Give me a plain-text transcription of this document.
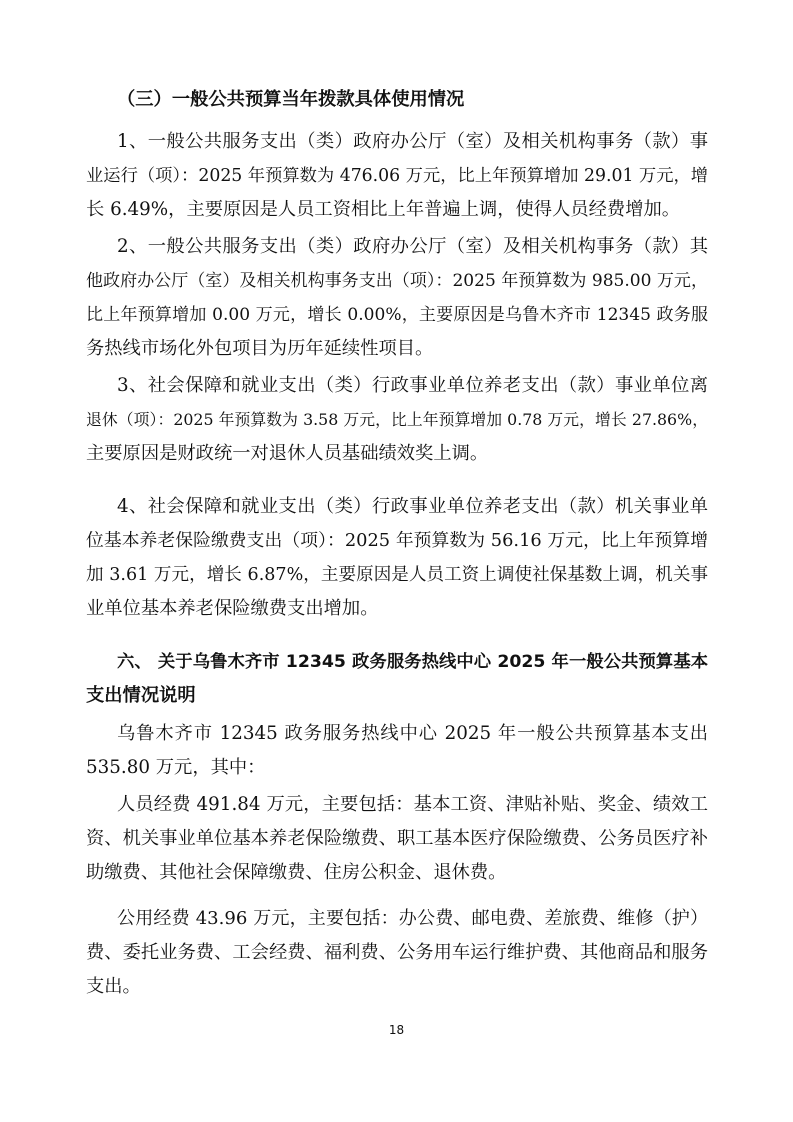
（三）一般公共预算当年拨款具体使用情况
1、一般公共服务支出（类）政府办公厅（室）及相关机构事务（款）事
业运行（项）：2025 年预算数为 476.06 万元，比上年预算增加 29.01 万元，增
长 6.49%，主要原因是人员工资相比上年普遍上调，使得人员经费增加。
2、一般公共服务支出（类）政府办公厅（室）及相关机构事务（款）其
他政府办公厅（室）及相关机构事务支出（项）：2025 年预算数为 985.00 万元，
比上年预算增加 0.00 万元，增长 0.00%，主要原因是乌鲁木齐市 12345 政务服
务热线市场化外包项目为历年延续性项目。
3、社会保障和就业支出（类）行政事业单位养老支出（款）事业单位离
退休（项）：2025 年预算数为 3.58 万元，比上年预算增加 0.78 万元，增长 27.86%，
主要原因是财政统一对退休人员基础绩效奖上调。
4、社会保障和就业支出（类）行政事业单位养老支出（款）机关事业单
位基本养老保险缴费支出（项）：2025 年预算数为 56.16 万元，比上年预算增
加 3.61 万元，增长 6.87%，主要原因是人员工资上调使社保基数上调，机关事
业单位基本养老保险缴费支出增加。
六、 关于乌鲁木齐市 12345 政务服务热线中心 2025 年一般公共预算基本
支出情况说明
乌鲁木齐市 12345 政务服务热线中心 2025 年一般公共预算基本支出
535.80 万元，其中：
人员经费 491.84 万元，主要包括：基本工资、津贴补贴、奖金、绩效工
资、机关事业单位基本养老保险缴费、职工基本医疗保险缴费、公务员医疗补
助缴费、其他社会保障缴费、住房公积金、退休费。
公用经费 43.96 万元，主要包括：办公费、邮电费、差旅费、维修（护）
费、委托业务费、工会经费、福利费、公务用车运行维护费、其他商品和服务
支出。
18
